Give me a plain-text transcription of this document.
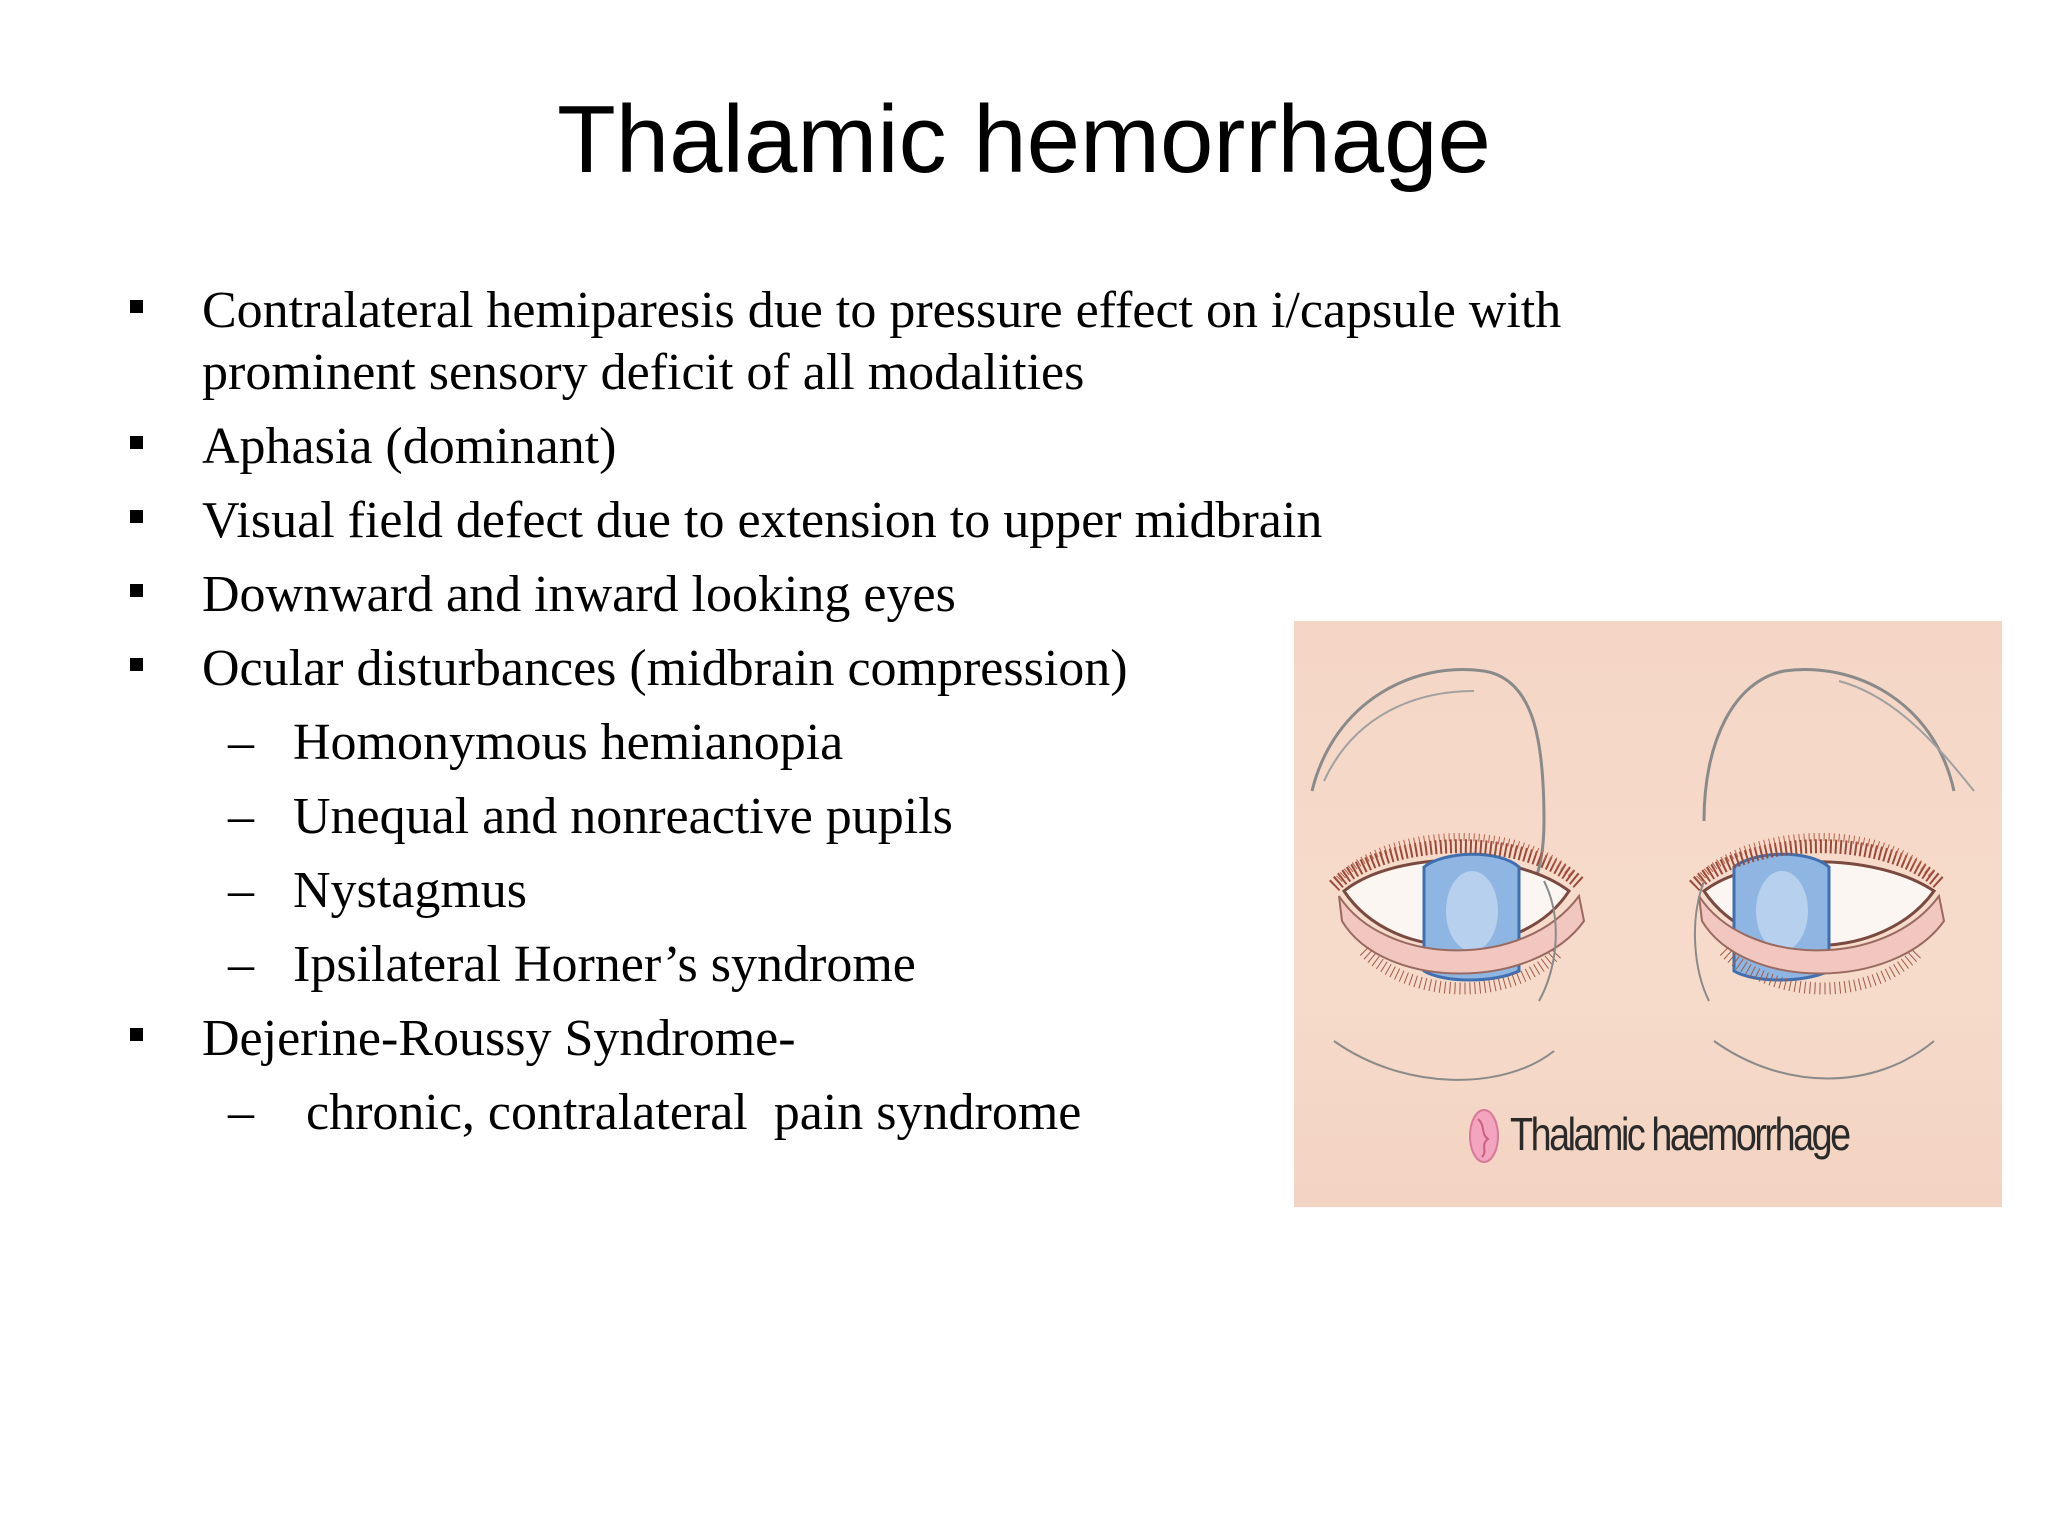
Thalamic hemorrhage
Contralateral hemiparesis due to pressure effect on i/capsule with prominent sensory deficit of all modalities
Aphasia (dominant)
Visual field defect due to extension to upper midbrain
Downward and inward looking eyes
Ocular disturbances (midbrain compression)
– Homonymous hemianopia
– Unequal and nonreactive pupils
– Nystagmus
– Ipsilateral Horner’s syndrome
Dejerine-Roussy Syndrome-
– chronic, contralateral  pain syndrome	Thalamic haemorrhage
